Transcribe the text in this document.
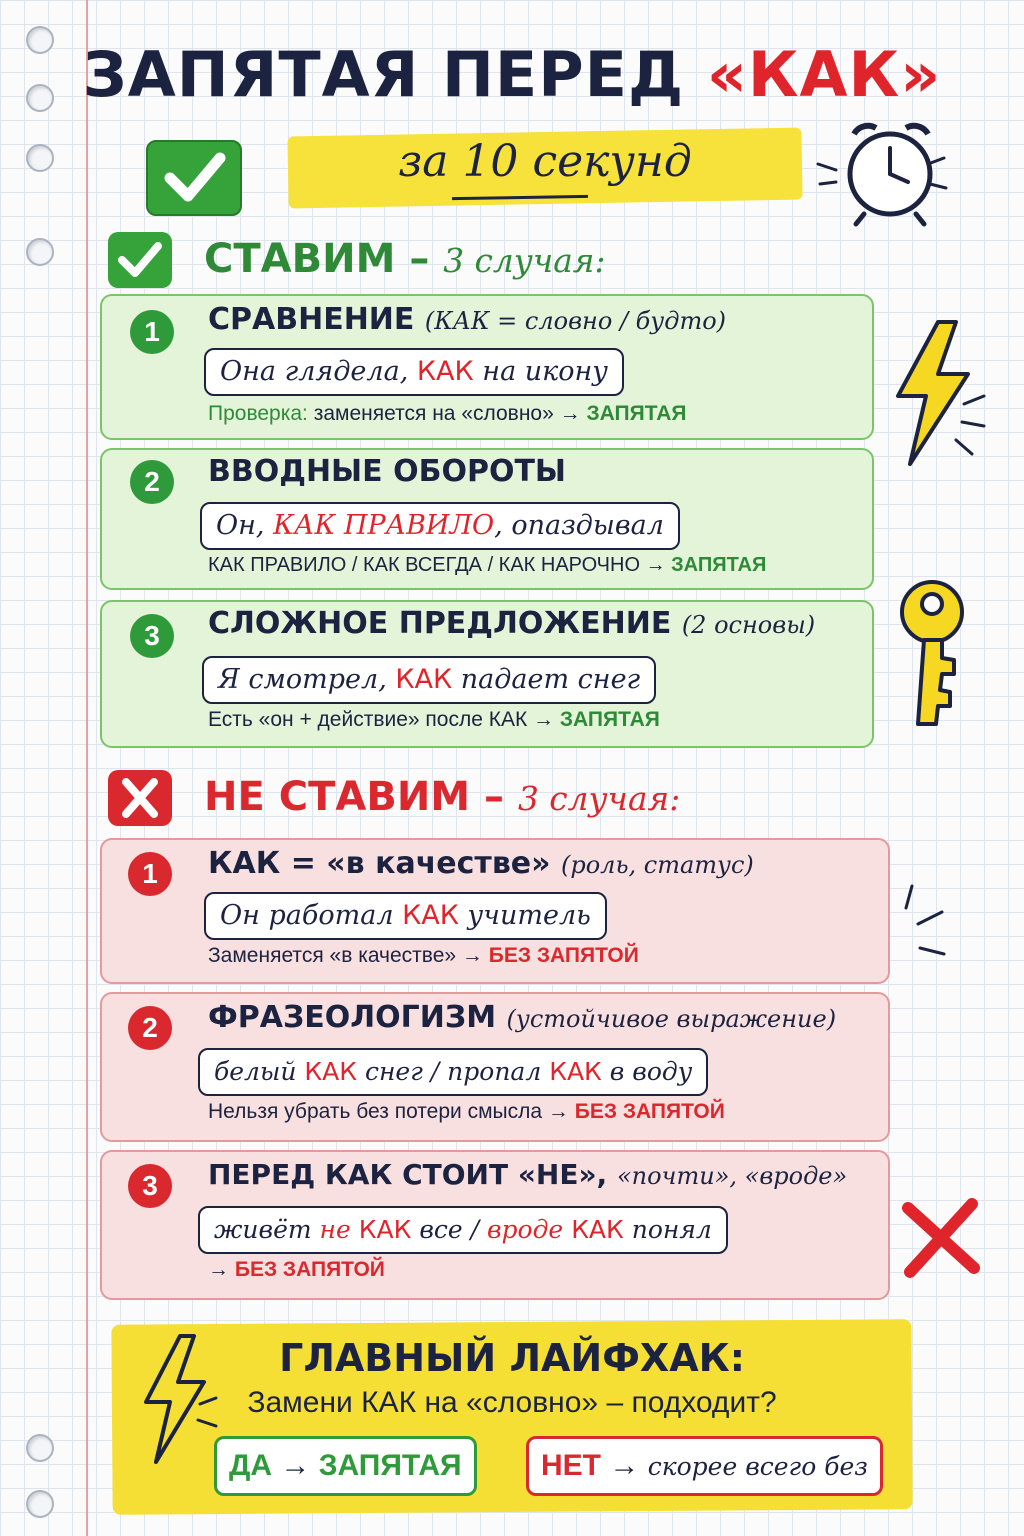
ЗАПЯТАЯ ПЕРЕД «КАК»
за 10 секунд
СТАВИМ – 3 случая:
1	СРАВНЕНИЕ (КАК = словно / будто)
Она глядела, КАК на икону
Проверка: заменяется на «словно» → ЗАПЯТАЯ
2	ВВОДНЫЕ ОБОРОТЫ
Он, КАК ПРАВИЛО, опаздывал
КАК ПРАВИЛО / КАК ВСЕГДА / КАК НАРОЧНО → ЗАПЯТАЯ
3	СЛОЖНОЕ ПРЕДЛОЖЕНИЕ (2 основы)
Я смотрел, КАК падает снег
Есть «он + действие» после КАК → ЗАПЯТАЯ
НЕ СТАВИМ – 3 случая:
1	КАК = «в качестве» (роль, статус)
Он работал КАК учитель
Заменяется «в качестве» → БЕЗ ЗАПЯТОЙ
2	ФРАЗЕОЛОГИЗМ (устойчивое выражение)
белый КАК снег / пропал КАК в воду
Нельзя убрать без потери смысла → БЕЗ ЗАПЯТОЙ
3	ПЕРЕД КАК СТОИТ «НЕ», «почти», «вроде»
живёт не КАК все / вроде КАК понял
→ БЕЗ ЗАПЯТОЙ
ГЛАВНЫЙ ЛАЙФХАК:
Замени КАК на «словно» – подходит?
ДА → ЗАПЯТАЯ	НЕТ → скорее всего без
